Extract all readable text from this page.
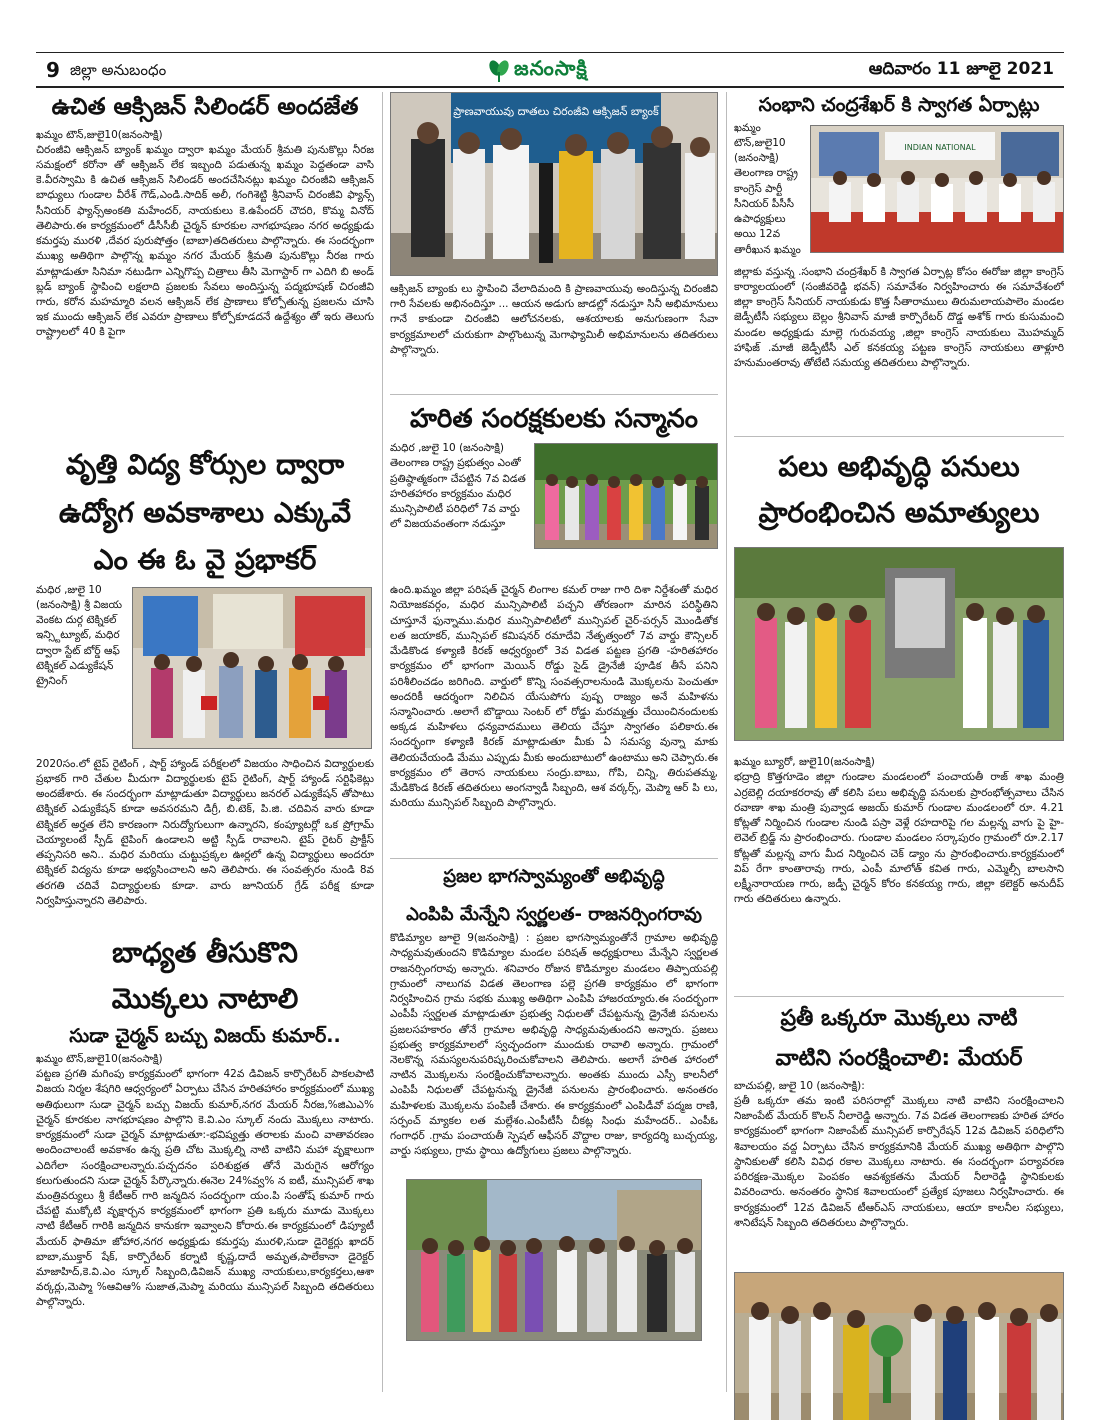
9 జిల్లా అనుబంధం	జనంసాక్షి	ఆదివారం 11 జూలై 2021
ఉచిత ఆక్సిజన్ సిలిండర్ అందజేత
ఖమ్మం టౌన్,జులై10(జనంసాక్షి)
చిరంజీవి ఆక్సిజన్ బ్యాంక్ ఖమ్మం ద్వారా ఖమ్మం మేయర్ శ్రీమతి పునుకొల్లు నీరజ సమక్షంలో కరోనా తో ఆక్సిజన్ లేక ఇబ్బంది పడుతున్న ఖమ్మం పెద్దతండా వాసి కె.వీరస్వామి కి ఉచిత ఆక్సిజన్ సిలిండర్ అందచేసినట్లు ఖమ్మం చిరంజీవి ఆక్సిజన్ బాధ్యులు గుండాల వీరేశ్ గౌడ్,ఎండి.సాదిక్ అలీ, గంగిశెట్టి శ్రీనివాస్ చిరంజీవి ఫ్యాన్స్ సీనియర్ ఫ్యాన్స్అంకతి మహేందర్, నాయకులు కె.ఉపేందర్ చౌదరి, కొమ్మ వినోద్ తెలిపారు.ఈ కార్యక్రమంలో డీసీసీబీ చైర్మన్ కూరకుల నాగభూషణం నగర అధ్యక్షుడు కమర్తపు మురళి ,దేవర పురుషోత్తం (బాబా)తదితరులు పాల్గొన్నారు. ఈ సందర్భంగా ముఖ్య అతిథిగా పాల్గొన్న ఖమ్మం నగర మేయర్ శ్రీమతి పునుకొల్లు నీరజ గారు మాట్లాడుతూ సినిమా నటుడిగా ఎన్నిగొప్ప చిత్రాలు తీసి మెగాస్టార్ గా ఎదిగి బి అండ్ బ్లడ్ బ్యాంక్ స్థాపించి లక్షలాది ప్రజలకు సేవలు అందిస్తున్న పద్మభూషణ్ చిరంజీవి గారు, కరోన మహమ్మారి వలన ఆక్సిజన్ లేక ప్రాణాలు కోల్పోతున్న ప్రజలను చూసి ఇక ముందు ఆక్సిజన్ లేక ఎవరూ ప్రాణాలు కోల్పోకూడదనే ఉద్దేశ్యం తో ఇరు తెలుగు రాష్ట్రాలలో 40 కి పైగా
వృత్తి విద్య కోర్సుల ద్వారా
ఉద్యోగ అవకాశాలు ఎక్కువే
ఎం ఈ ఓ వై ప్రభాకర్
మధిర ,జులై 10 (జనంసాక్షి) శ్రీ విజయ వెంకట దుర్గ టెక్నికల్ ఇన్స్టిట్యూట్, మధిర ద్వారా స్టేట్ బోర్డ్ ఆఫ్ టెక్నికల్ ఎడ్యుకేషన్ ట్రైనింగ్
2020సం.లో టైప్ రైటింగ్ , షార్ట్ హ్యాండ్ పరీక్షలలో విజయం సాధించిన విద్యార్థులకు ప్రభాకర్ గారి చేతుల మీదుగా విద్యార్థులకు టైప్ రైటింగ్, షార్ట్ హ్యాండ్ సర్టిఫికెట్లు అందజేశారు. ఈ సందర్భంగా మాట్లాడుతూ విద్యార్థులు జనరల్ ఎడ్యుకేషన్ తోపాటు టెక్నికల్ ఎడ్యుకేషన్ కూడా అవసరమని డిగ్రీ, బి.టెక్, పి.జి. చదివిన వారు కూడా టెక్నికల్ అర్హత లేని కారణంగా నిరుద్యోగులుగా ఉన్నారని, కంప్యూటర్లో ఒక ప్రోగ్రామ్ చెయ్యాలంటే స్పీడ్ టైపింగ్ ఉండాలని అట్టి స్పీడ్ రావాలని. టైప్ రైటర్ ప్రాక్టీస్ తప్పనిసరి అని.. మధిర మరియు చుట్టుప్రక్కల ఊర్లలో ఉన్న విద్యార్థులు అందరూ టెక్నికల్ విద్యను కూడా అభ్యసించాలని అని తెలిపారు. ఈ సంవత్సరం నుండి 8వ తరగతి చదివే విద్యార్థులకు కూడా. వారు జూనియర్ గ్రేడ్ పరీక్ష కూడా నిర్వహిస్తున్నారని తెలిపారు.
బాధ్యత తీసుకొని
మొక్కలు నాటాలి
సుడా చైర్మన్ బచ్చు విజయ్ కుమార్..
ఖమ్మం టౌన్,జులై10(జనంసాక్షి)
పట్టణ ప్రగతి మగింపు కార్యక్రమంలో భాగంగా 42వ డివిజన్ కార్పొరేటర్ పాకలపాటి విజయ నిర్మల శేషగిరి ఆధ్వర్యంలో ఏర్పాటు చేసిన హరితహారం కార్యక్రమంలో ముఖ్య అతిథులుగా సుడా చైర్మన్ బచ్చు విజయ్ కుమార్,నగర మేయర్ నీరజ,%జిఎుఎ% చైర్మన్ కూరకుల నాగభూషణం పాల్గొని కె.వి.ఎం స్కూల్ నందు మొక్కలు నాటారు. కార్యక్రమంలో సుడా చైర్మన్ మాట్లాడుతూ:-భవిష్యత్తు తరాలకు మంచి వాతావరణం అందించాలంటే అవకాశం ఉన్న ప్రతి చోట మొక్కల్ని నాటి వాటిని మహా వృక్షాలుగా ఎదిగేలా సంరక్షించాలన్నారు.పచ్చదనం పరిశుభ్రత తోనే మెరుగైన ఆరోగ్యం కలుగుతుందని సుడా చైర్మన్ పేర్కొన్నారు.ఈనెల 24%వ్వ% న ఐటీ, మున్సిపల్ శాఖ మంత్రివర్యులు శ్రీ కేటీఆర్ గారి జన్మదిన సందర్భంగా యం.పి సంతోష్ కుమార్ గారు చేపట్టి ముక్కోటి వృక్షార్చన కార్యక్రమంలో భాగంగా ప్రతి ఒక్కరు మూడు మొక్కలు నాటి కేటీఆర్ గారికి జన్మదిన కానుకగా ఇవ్వాలని కోరారు.ఈ కార్యక్రమంలో డిప్యూటీ మేయర్ ఫాతిమా జోహార,నగర అధ్యక్షుడు కమర్తపు మురళి,సుడా డైరెక్టర్లు ఖాదర్ బాబా,ముక్తార్ షేక్, కార్పొరేటర్ కర్నాటి కృష్ణ,దాదే అమృత,పాలేకానా డైరెక్టర్ మాజాహిద్,కె.వి.ఎం స్కూల్ సిబ్బంది,డివిజన్ ముఖ్య నాయకులు,కార్యకర్తలు,ఆశా వర్కర్లు,మెప్మా %ఆవిఆ% సుజాత,మెప్మా మరియు మున్సిపల్ సిబ్బంది తదితరులు పాల్గొన్నారు.
ప్రాణవాయువు దాతలు చిరంజీవి ఆక్సిజన్ బ్యాంక్
ఆక్సిజన్ బ్యాంకు లు స్థాపించి వేలాదిమంది కి ప్రాణవాయువు అందిస్తున్న చిరంజీవి గారి సేవలకు అభినందిస్తూ ... ఆయన అడుగు జాడల్లో నడుస్తూ సినీ అభిమానులు గానే కాకుండా చిరంజీవి ఆలోచనలకు, ఆశయాలకు అనుగుణంగా సేవా కార్యక్రమాలలో చురుకుగా పాల్గొంటున్న మెగాఫ్యామిలీ అభిమానులను తదితరులు పాల్గొన్నారు.
హరిత సంరక్షకులకు సన్మానం
మధిర ,జులై 10 (జనంసాక్షి) తెలంగాణ రాష్ట్ర ప్రభుత్వం ఎంతో ప్రతిష్ఠాత్మకంగా చేపట్టిన 7వ విడత హరితహారం కార్యక్రమం మధిర మున్సిపాలిటీ పరిధిలో 7వ వార్డు లో విజయవంతంగా నడుస్తూ
ఉంది.ఖమ్మం జిల్లా పరిషత్ చైర్మన్ లింగాల కమల్ రాజు గారి దిశా నిర్దేశంతో మధిర నియోజకవర్గం, మధిర మున్సిపాలిటీ పచ్చని తోరణంగా మారిన పరిస్థితిని చూస్తూనే ఫున్నాము.మధిర మున్సిపాలిటీలో మున్సిపల్ చైర్-పర్సన్ మొండితోక లత జయాకర్, మున్సిపల్ కమిషనర్ రమాదేవి నేతృత్వంలో 7వ వార్డు కౌన్సిలర్ మేడికొండ కళ్యాణి కిరణ్ ఆధ్వర్యంలో 3వ విడత పట్టణ ప్రగతి -హరితహారం కార్యక్రమం లో భాగంగా మెయిన్ రోడ్డు సైడ్ డ్రైనేజీ పూడిక తీసే పనిని పరిశీలించడం జరిగింది. వార్డులో కొన్ని సంవత్సరాలనుండి మొక్కలను పెంచుతూ అందరికీ ఆదర్శంగా నిలిచిన యేసుపోగు పుష్ప రాజ్యం అనే మహిళను సన్మానించారు .అలాగే బొడ్డాయి సెంటర్ లో రోడ్డు మరమ్మత్తు చేయించినందులకు అక్కడ మహిళలు ధన్యవాదములు తెలియ చేస్తూ స్వాగతం పలికారు.ఈ సందర్భంగా కళ్యాణి కిరణ్ మాట్లాడుతూ మీకు ఏ సమస్య వున్నా మాకు తెలియచేయండి మేము ఎప్పుడు మీకు అందుబాటులో ఉంటాము అని చెప్పారు.ఈ కార్యక్రమం లో తెరాస నాయకులు సంద్రు.బాబు, గోపి, చిన్ని, తిరుపతమ్మ, మేడికొండ కిరణ్ తదితరులు అంగన్వాడీ సిబ్బంది, ఆశ వర్కర్స్, మెప్మా ఆర్ పి లు, మరియు మున్సిపల్ సిబ్బంది పాల్గొన్నారు.
ప్రజల భాగస్వామ్యంతో అభివృద్ధి
ఎంపిపి మేన్నేని స్వర్ణలత- రాజనర్సింగరావు
కొడిమ్యాల జూలై 9(జనంసాక్షి) : ప్రజల భాగస్వామ్యంతోనే గ్రామాల అభివృద్ధి సాధ్యమవుతుందని కొడిమ్యాల మండల పరిషత్ అధ్యక్షురాలు మేన్నేని స్వర్ణలత రాజనర్సింగరావు అన్నారు. శనివారం రోజున కొడిమ్యాల మండలం తిప్పాయపల్లి గ్రామంలో నాలుగవ విడత తెలంగాణ పల్లె ప్రగతి కార్యక్రమం లో భాగంగా నిర్వహించిన గ్రామ సభకు ముఖ్య అతిథిగా ఎంపిపి హాజరయ్యారు.ఈ సందర్భంగా ఎంపీపీ స్వర్ణలత మాట్లాడుతూ ప్రభుత్వ నిధులతో చేపట్టనున్న డ్రైనేజీ పనులను ప్రజలసహకారం తోనే గ్రామాల అభివృద్ధి సాధ్యమవుతుందని అన్నారు. ప్రజలు ప్రభుత్వ కార్యక్రమాలలో స్వచ్ఛందంగా ముందుకు రావాలి అన్నారు. గ్రామంలో నెలకొన్న సమస్యలనుపరిష్కరించుకోవాలని తెలిపారు. అలాగే హరిత హారంలో నాటిన మొక్కలను సంరక్షించుకోవాలన్నారు. అంతకు ముందు ఎస్సీ కాలనీలో ఎంపిపీ నిధులతో చేపట్టనున్న డ్రైనేజీ పనులను ప్రారంభించారు. అనంతరం మహిళలకు మొక్కలను పంపిణీ చేశారు. ఈ కార్యక్రమంలో ఎంపిడీవో పద్మజ రాణి, సర్పంచ్ మ్యాకల లత మల్లేశం.ఎంపీటీసీ చీకట్ల సింధు మహేందర్.. ఎంపీఓ గంగాధర్ .గ్రామ పంచాయతీ స్పెషల్ ఆఫీసర్ వొద్దాల రాజు, కార్యదర్శి బుచ్చయ్య, వార్డు సభ్యులు, గ్రామ స్థాయి ఉద్యోగులు ప్రజలు పాల్గొన్నారు.
సంభాని చంద్రశేఖర్ కి స్వాగత ఏర్పాట్లు
ఖమ్మం టౌన్,జులై10 (జనంసాక్షి) తెలంగాణ రాష్ట్ర కాంగ్రెస్ పార్టీ సీనియర్ పీసీసీ ఉపాధ్యక్షులు అయి 12వ తారీఖున ఖమ్మం
INDIAN NATIONAL
జిల్లాకు వస్తున్న .సంభాని చంద్రశేఖర్ కి స్వాగత ఏర్పాట్ల కోసం ఈరోజు జిల్లా కాంగ్రెస్ కార్యాలయంలో (సంజీవరెడ్డి భవన్) సమావేశం నిర్వహించారు ఈ సమావేశంలో జిల్లా కాంగ్రెస్ సీనియర్ నాయకుడు కొత్త సీతారాములు తిరుమలాయపాలెం మండల జెడ్పీటీసీ సభ్యులు బెల్లం శ్రీనివాస్ మాజీ కార్పొరేటర్ దొడ్డ అశోక్ గారు కుసుమంచి మండల అధ్యక్షుడు మాల్లె గురువయ్య ,జిల్లా కాంగ్రెస్ నాయకులు మొహమ్మద్ హాఫిజ్ .మాజీ జెడ్పీటీసీ ఎల్ కనకయ్య పట్టణ కాంగ్రెస్ నాయకులు తాళ్లూరి హనుమంతరావు తోటేటి సమయ్య తదితరులు పాల్గొన్నారు.
పలు అభివృద్ధి పనులు
ప్రారంభించిన అమాత్యులు
ఖమ్మం బ్యూరో, జులై10(జనంసాక్షి)
భద్రాద్రి కొత్తగూడెం జిల్లా గుండాల మండలంలో పంచాయతీ రాజ్ శాఖ మంత్రి ఎర్రబెల్లి దయాకరరావు తో కలిసి పలు అభివృద్ధి పనులకు ప్రారంభోత్సవాలు చేసిన రవాణా శాఖ మంత్రి పువ్వాడ అజయ్ కుమార్ గుండాల మండలంలో రూ. 4.21 కోట్లతో నిర్మించిన గుండాల నుండి పస్రా వెళ్లే రహదారిపై గల మల్లన్న వాగు పై హై-లెవెల్ బ్రిడ్జ్ ను ప్రారంభించారు. గుండాల మండలం సర్కాపురం గ్రామంలో రూ.2.17 కోట్లతో మల్లన్న వాగు మీద నిర్మించిన చెక్ డ్యాం ను ప్రారంభించారు.కార్యక్రమంలో విప్ రేగా కాంతారావు గారు, ఎంపీ మాలోత్ కవిత గారు, ఎమ్మెల్సీ బాలసాని లక్ష్మీనారాయణ గారు, జడ్పీ చైర్మన్ కోరం కనకయ్య గారు, జిల్లా కలెక్టర్ అనుదీప్ గారు తదితరులు ఉన్నారు.
ప్రతీ ఒక్కరూ మొక్కలు నాటి
వాటిని సంరక్షించాలి: మేయర్
బాచుపల్లి, జులై 10 (జనంసాక్షి):
ప్రతీ ఒక్కరూ తమ ఇంటి పరిసరాల్లో మొక్కలు నాటి వాటిని సంరక్షించాలని నిజాంపేట్ మేయర్ కొలన్ నీలారెడ్డి అన్నారు. 7వ విడత తెలంగాణకు హరిత హారం కార్యక్రమంలో భాగంగా నిజాంపేట్ మున్సిపల్ కార్పొరేషన్ 12వ డివిజన్ పరిధిలోని శివాలయం వద్ద ఏర్పాటు చేసిన కార్యక్రమానికి మేయర్ ముఖ్య అతిథిగా పాల్గొని స్థానికులతో కలిసి వివిధ రకాల మొక్కలు నాటారు. ఈ సందర్భంగా పర్యావరణ పరిరక్షణ-మొక్కల పెంపకం ఆవశ్యకతను మేయర్ నీలారెడ్డి స్థానికులకు వివరించారు. అనంతరం స్థానిక శివాలయంలో ప్రత్యేక పూజలు నిర్వహించారు. ఈ కార్యక్రమంలో 12వ డివిజన్ టీఆర్ఎస్ నాయకులు, ఆయా కాలనీల సభ్యులు, శానిటేషన్ సిబ్బంది తదితరులు పాల్గొన్నారు.
